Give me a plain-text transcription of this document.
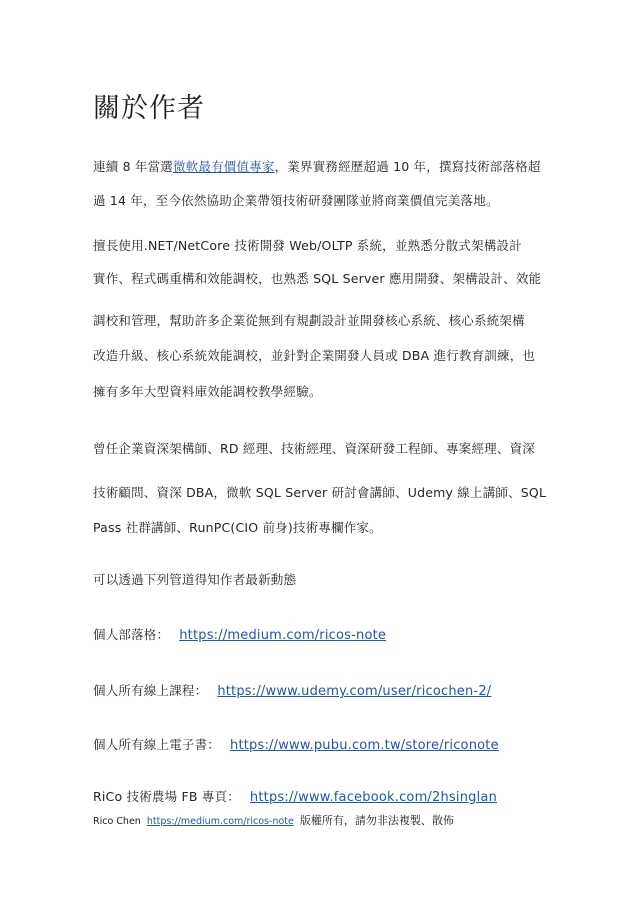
關於作者
連續 8 年當選微軟最有價值專家，業界實務經歷超過 10 年，撰寫技術部落格超
過 14 年，至今依然協助企業帶領技術研發團隊並將商業價值完美落地。
擅長使用.NET/NetCore 技術開發 Web/OLTP 系統，並熟悉分散式架構設計
實作、程式碼重構和效能調校，也熟悉 SQL Server 應用開發、架構設計、效能
調校和管理，幫助許多企業從無到有規劃設計並開發核心系統、核心系統架構
改造升級、核心系統效能調校，並針對企業開發人員或 DBA 進行教育訓練，也
擁有多年大型資料庫效能調校教學經驗。
曾任企業資深架構師、RD 經理、技術經理、資深研發工程師、專案經理、資深
技術顧問、資深 DBA，微軟 SQL Server 研討會講師、Udemy 線上講師、SQL
Pass 社群講師、RunPC(CIO 前身)技術專欄作家。
可以透過下列管道得知作者最新動態
個人部落格： https://medium.com/ricos-note
個人所有線上課程： https://www.udemy.com/user/ricochen-2/
個人所有線上電子書： https://www.pubu.com.tw/store/riconote
RiCo 技術農場 FB 專頁： https://www.facebook.com/2hsinglan
Rico Chen https://medium.com/ricos-note 版權所有，請勿非法複製、散佈
